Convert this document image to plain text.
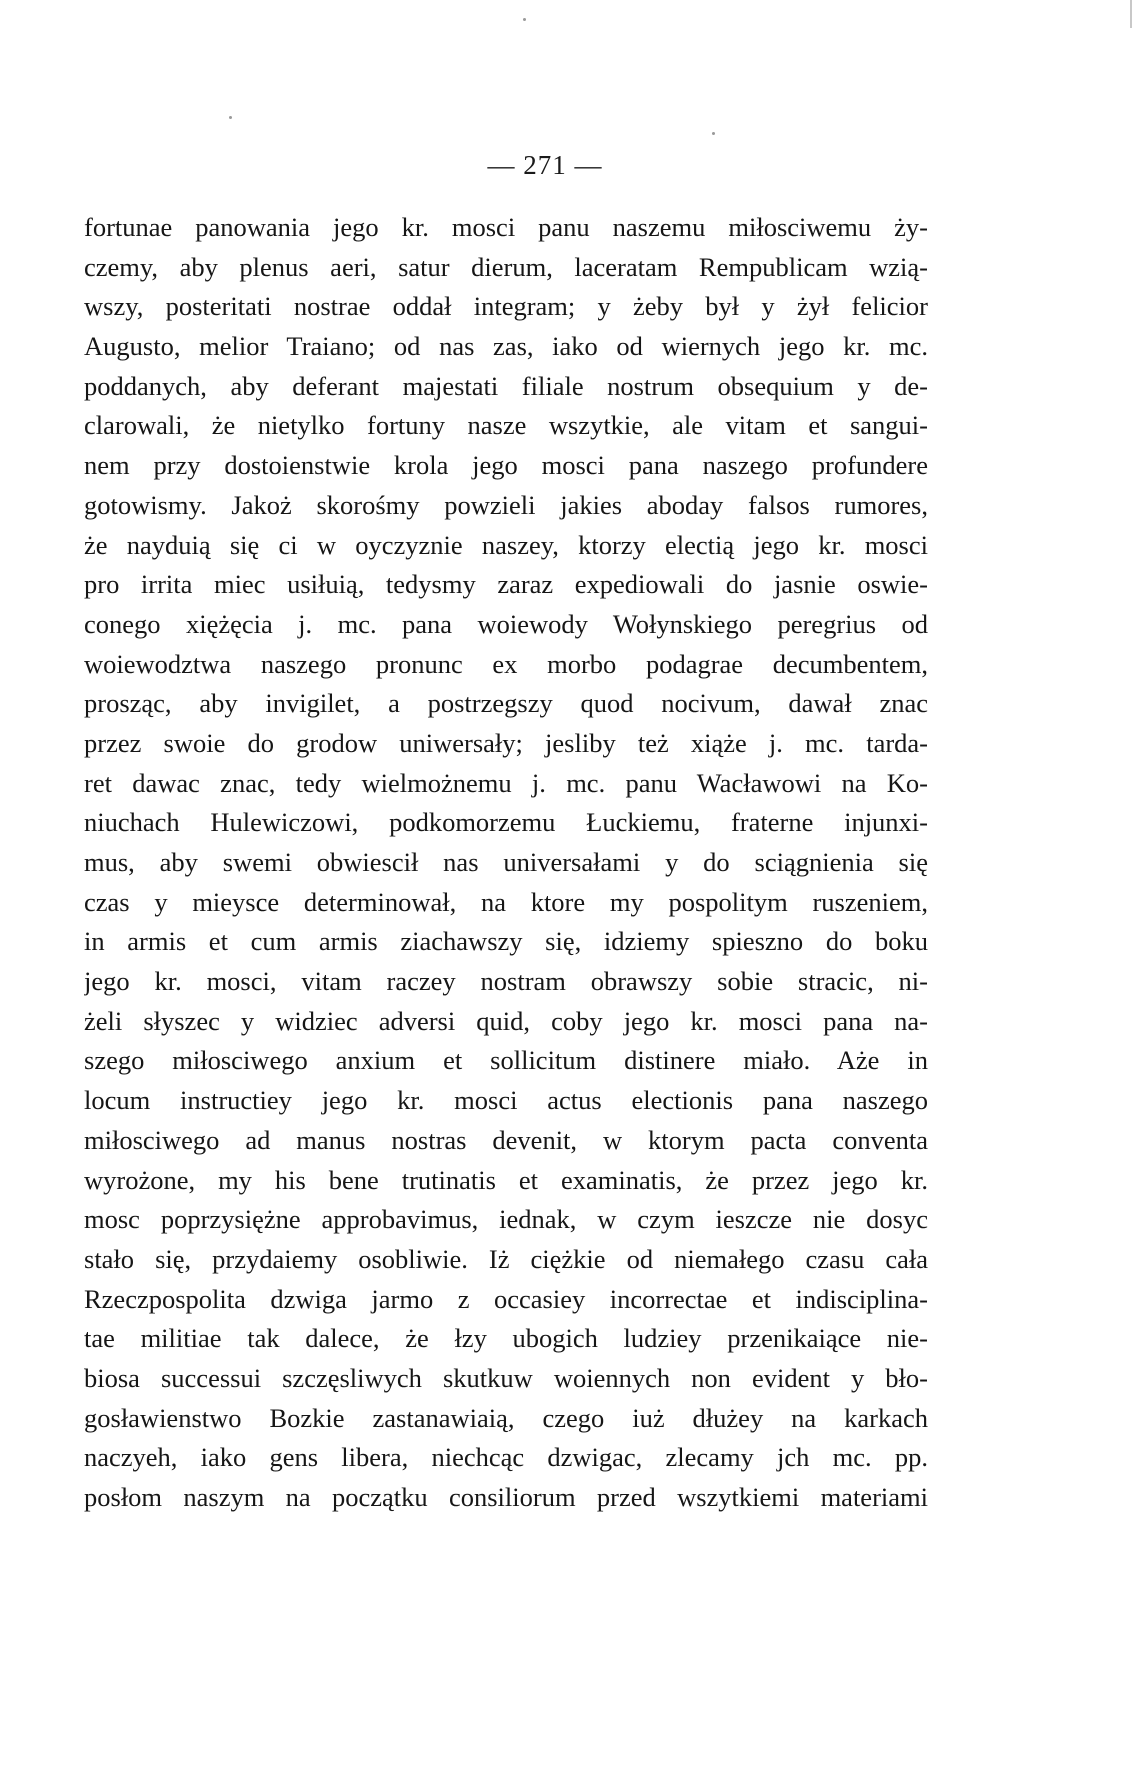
— 271 —
fortunae panowania jego kr. mosci panu naszemu miłosciwemu ży-
czemy, aby plenus aeri, satur dierum, laceratam Rempublicam wzią-
wszy, posteritati nostrae oddał integram; y żeby był y żył felicior
Augusto, melior Traiano; od nas zas, iako od wiernych jego kr. mc.
poddanych, aby deferant majestati filiale nostrum obsequium y de-
clarowali, że nietylko fortuny nasze wszytkie, ale vitam et sangui-
nem przy dostoienstwie krola jego mosci pana naszego profundere
gotowismy. Jakoż skorośmy powzieli jakies aboday falsos rumores,
że nayduią się ci w oyczyznie naszey, ktorzy electią jego kr. mosci
pro irrita miec usiłuią, tedysmy zaraz expediowali do jasnie oswie-
conego xiężęcia j. mc. pana woiewody Wołynskiego peregrius od
woiewodztwa naszego pronunc ex morbo podagrae decumbentem,
prosząc, aby invigilet, a postrzegszy quod nocivum, dawał znac
przez swoie do grodow uniwersały; jesliby też xiąże j. mc. tarda-
ret dawac znac, tedy wielmożnemu j. mc. panu Wacławowi na Ko-
niuchach Hulewiczowi, podkomorzemu Łuckiemu, fraterne injunxi-
mus, aby swemi obwiescił nas universałami y do sciągnienia się
czas y mieysce determinował, na ktore my pospolitym ruszeniem,
in armis et cum armis ziachawszy się, idziemy spieszno do boku
jego kr. mosci, vitam raczey nostram obrawszy sobie stracic, ni-
żeli słyszec y widziec adversi quid, coby jego kr. mosci pana na-
szego miłosciwego anxium et sollicitum distinere miało. Aże in
locum instructiey jego kr. mosci actus electionis pana naszego
miłosciwego ad manus nostras devenit, w ktorym pacta conventa
wyrożone, my his bene trutinatis et examinatis, że przez jego kr.
mosc poprzysiężne approbavimus, iednak, w czym ieszcze nie dosyc
stało się, przydaiemy osobliwie. Iż ciężkie od niemałego czasu cała
Rzeczpospolita dzwiga jarmo z occasiey incorrectae et indisciplina-
tae militiae tak dalece, że łzy ubogich ludziey przenikaiące nie-
biosa successui szczęsliwych skutkuw woiennych non evident y bło-
gosławienstwo Bozkie zastanawiaią, czego iuż dłużey na karkach
naczyeh, iako gens libera, niechcąc dzwigac, zlecamy jch mc. pp.
posłom naszym na początku consiliorum przed wszytkiemi materiami
